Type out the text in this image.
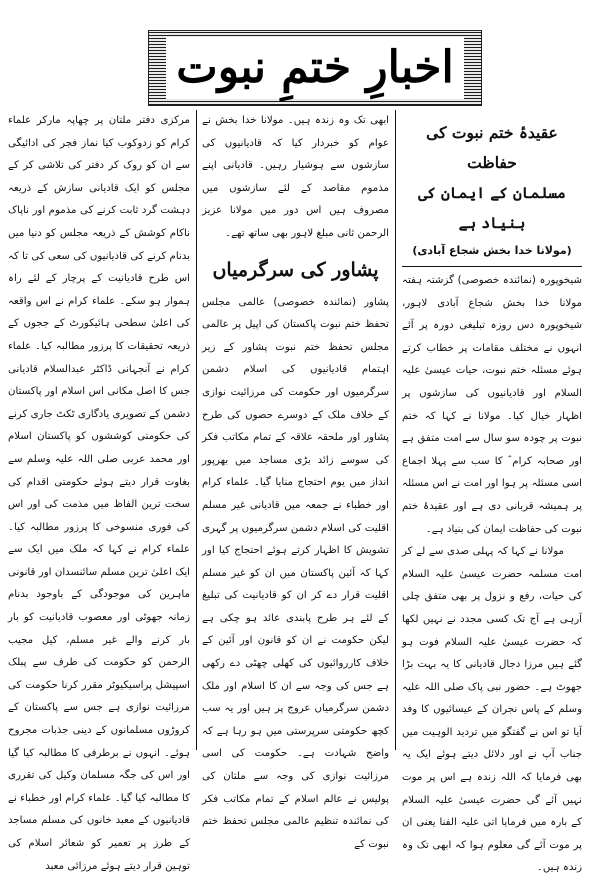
اخبارِ ختمِ نبوت
عقیدۂ ختم نبوت کی حفاظت
مسلمان کے ایمان کی بنیاد ہے
(مولانا خدا بخش شجاع آبادی)

شیخوپورہ (نمائندہ خصوصی) گزشتہ ہفتہ مولانا خدا بخش شجاع آبادی لاہور، شیخوپورہ دس روزہ تبلیغی دورہ پر آئے انہوں نے مختلف مقامات پر خطاب کرتے ہوئے مسئلہ ختم نبوت، حیات عیسیٰ علیہ السلام اور قادیانیوں کی سازشوں پر اظہار خیال کیا۔ مولانا نے کہا کہ ختم نبوت پر چودہ سو سال سے امت متفق ہے اور صحابہ کرام ؓ کا سب سے پہلا اجماع اسی مسئلہ پر ہوا اور امت نے اس مسئلہ پر ہمیشہ قربانی دی ہے اور عقیدۂ ختم نبوت کی حفاظت ایمان کی بنیاد ہے۔

مولانا نے کہا کہ پہلی صدی سے لے کر امت مسلمہ حضرت عیسیٰ علیہ السلام کی حیات، رفع و نزول پر بھی متفق چلی آرہی ہے آج تک کسی مجدد نے نہیں لکھا کہ حضرت عیسیٰ علیہ السلام فوت ہو گئے ہیں مرزا دجال قادیانی کا یہ بہت بڑا جھوٹ ہے۔ حضور نبی پاک صلی اللہ علیہ وسلم کے پاس نجران کے عیسائیوں کا وفد آیا تو اس نے گفتگو میں تردید الوہیت میں جناب آپ نے اور دلائل دیتے ہوئے ایک یہ بھی فرمایا کہ اللہ زندہ ہے اس پر موت نہیں آئے گی حضرت عیسیٰ علیہ السلام کے بارہ میں فرمایا اتی علیہ الفنا یعنی ان پر موت آئے گی معلوم ہوا کہ ابھی تک وہ زندہ ہیں۔

ابھی تک وہ زندہ ہیں۔ مولانا خدا بخش نے عوام کو خبردار کیا کہ قادیانیوں کی سازشوں سے ہوشیار رہیں۔ قادیانی اپنے مذموم مقاصد کے لئے سازشوں میں مصروف ہیں اس دور میں مولانا عزیز الرحمن ثانی مبلغ لاہور بھی ساتھ تھے۔

پشاور کی سرگرمیاں

پشاور (نمائندہ خصوصی) عالمی مجلس تحفظ ختم نبوت پاکستان کی اپیل پر عالمی مجلس تحفظ ختم نبوت پشاور کے زیر اہتمام قادیانیوں کی اسلام دشمن سرگرمیوں اور حکومت کی مرزائیت نوازی کے خلاف ملک کے دوسرے حصوں کی طرح پشاور اور ملحقہ علاقہ کے تمام مکاتب فکر کی سوسے زائد بڑی مساجد میں بھرپور انداز میں یوم احتجاج منایا گیا۔ علماء کرام اور خطباء نے جمعہ میں قادیانی غیر مسلم اقلیت کی اسلام دشمن سرگرمیوں پر گہری تشویش کا اظہار کرتے ہوئے احتجاج کیا اور کہا کہ آئین پاکستان میں ان کو غیر مسلم اقلیت قرار دے کر ان کو قادیانیت کی تبلیغ کے لئے ہر طرح پابندی عائد ہو چکی ہے لیکن حکومت نے ان کو قانون اور آئین کے خلاف کارروائیوں کی کھلی چھٹی دے رکھی ہے جس کی وجہ سے ان کا اسلام اور ملک دشمن سرگرمیاں عروج پر ہیں اور یہ سب کچھ حکومتی سرپرستی میں ہو رہا ہے کہ واضح شہادت ہے۔ حکومت کی اسی مرزائیت نوازی کی وجہ سے ملتان کی پولیس نے عالم اسلام کے تمام مکاتب فکر کی نمائندہ تنظیم عالمی مجلس تحفظ ختم نبوت کے

مرکزی دفتر ملتان پر چھاپہ مارکر علماء کرام کو زدوکوب کیا نماز فجر کی ادائیگی سے ان کو روک کر دفتر کی تلاشی کر کے مجلس کو ایک قادیانی سازش کے ذریعہ دہشت گرد ثابت کرنے کی مذموم اور ناپاک ناکام کوشش کے ذریعہ مجلس کو دنیا میں بدنام کرنے کی قادیانیوں کی سعی کی تا کہ اس طرح قادیانیت کے پرچار کے لئے راہ ہموار ہو سکے۔ علماء کرام نے اس واقعہ کی اعلیٰ سطحی ہائیکورٹ کے ججوں کے ذریعہ تحقیقات کا پرزور مطالبہ کیا۔ علماء کرام نے آنجہانی ڈاکٹر عبدالسلام قادیانی جس کا اصل مکانی اس اسلام اور پاکستان دشمن کے تصویری یادگاری ٹکٹ جاری کرنے کی حکومتی کوششوں کو پاکستان اسلام اور محمد عربی صلی اللہ علیہ وسلم سے بغاوت قرار دیتے ہوئے حکومتی اقدام کی سخت ترین الفاظ میں مذمت کی اور اس کی فوری منسوخی کا پرزور مطالبہ کیا۔ علماء کرام نے کہا کہ ملک میں ایک سے ایک اعلیٰ ترین مسلم سائنسدان اور قانونی ماہرین کی موجودگی کے باوجود بدنام زمانہ جھوٹی اور معصوب قادیانیت کو بار بار کرنے والے غیر مسلم، کیل مجیب الرحمن کو حکومت کی طرف سے پبلک اسپیشل پراسیکیوٹر مقرر کرنا حکومت کی مرزائیت نوازی ہے جس سے پاکستان کے کروڑوں مسلمانوں کے دینی جذبات مجروح ہوئے۔ انہوں نے برطرفی کا مطالبہ کیا گیا اور اس کی جگہ مسلمان وکیل کی تقرری کا مطالبہ کیا گیا۔ علماء کرام اور خطباء نے قادیانیوں کے معبد خانوں کی مسلم مساجد کے طرز پر تعمیر کو شعائر اسلام کی توہین قرار دیتے ہوئے مرزائی معبد
